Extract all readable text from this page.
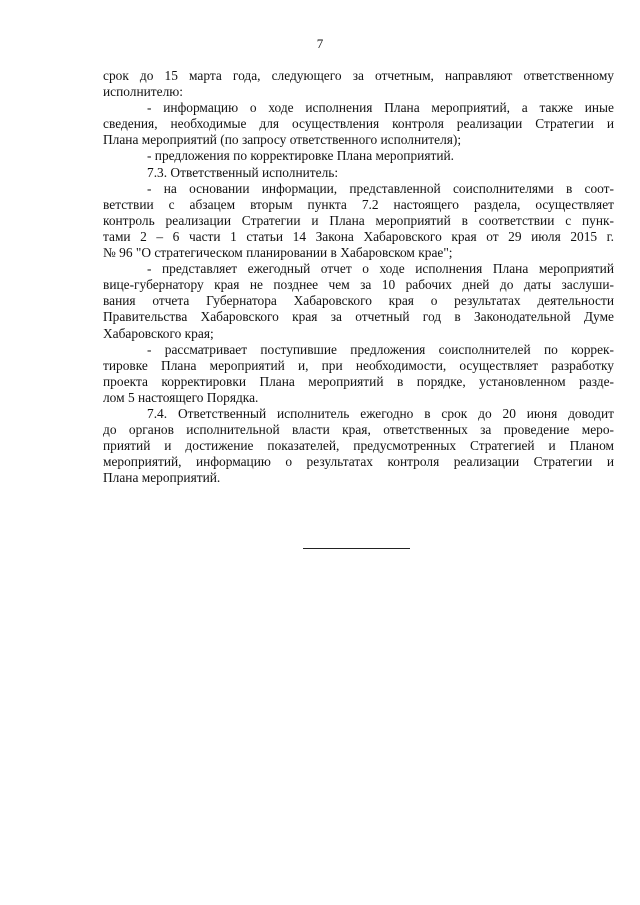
7
срок до 15 марта года, следующего за отчетным, направляют ответственному
исполнителю:
- информацию о ходе исполнения Плана мероприятий, а также иные
сведения, необходимые для осуществления контроля реализации Стратегии и
Плана мероприятий (по запросу ответственного исполнителя);
- предложения по корректировке Плана мероприятий.
7.3. Ответственный исполнитель:
- на основании информации, представленной соисполнителями в соот-
ветствии с абзацем вторым пункта 7.2 настоящего раздела, осуществляет
контроль реализации Стратегии и Плана мероприятий в соответствии с пунк-
тами 2 – 6 части 1 статьи 14 Закона Хабаровского края от 29 июля 2015 г.
№ 96 "О стратегическом планировании в Хабаровском крае";
- представляет ежегодный отчет о ходе исполнения Плана мероприятий
вице-губернатору края не позднее чем за 10 рабочих дней до даты заслуши-
вания отчета Губернатора Хабаровского края о результатах деятельности
Правительства Хабаровского края за отчетный год в Законодательной Думе
Хабаровского края;
- рассматривает поступившие предложения соисполнителей по коррек-
тировке Плана мероприятий и, при необходимости, осуществляет разработку
проекта корректировки Плана мероприятий в порядке, установленном разде-
лом 5 настоящего Порядка.
7.4. Ответственный исполнитель ежегодно в срок до 20 июня доводит
до органов исполнительной власти края, ответственных за проведение меро-
приятий и достижение показателей, предусмотренных Стратегией и Планом
мероприятий, информацию о результатах контроля реализации Стратегии и
Плана мероприятий.
